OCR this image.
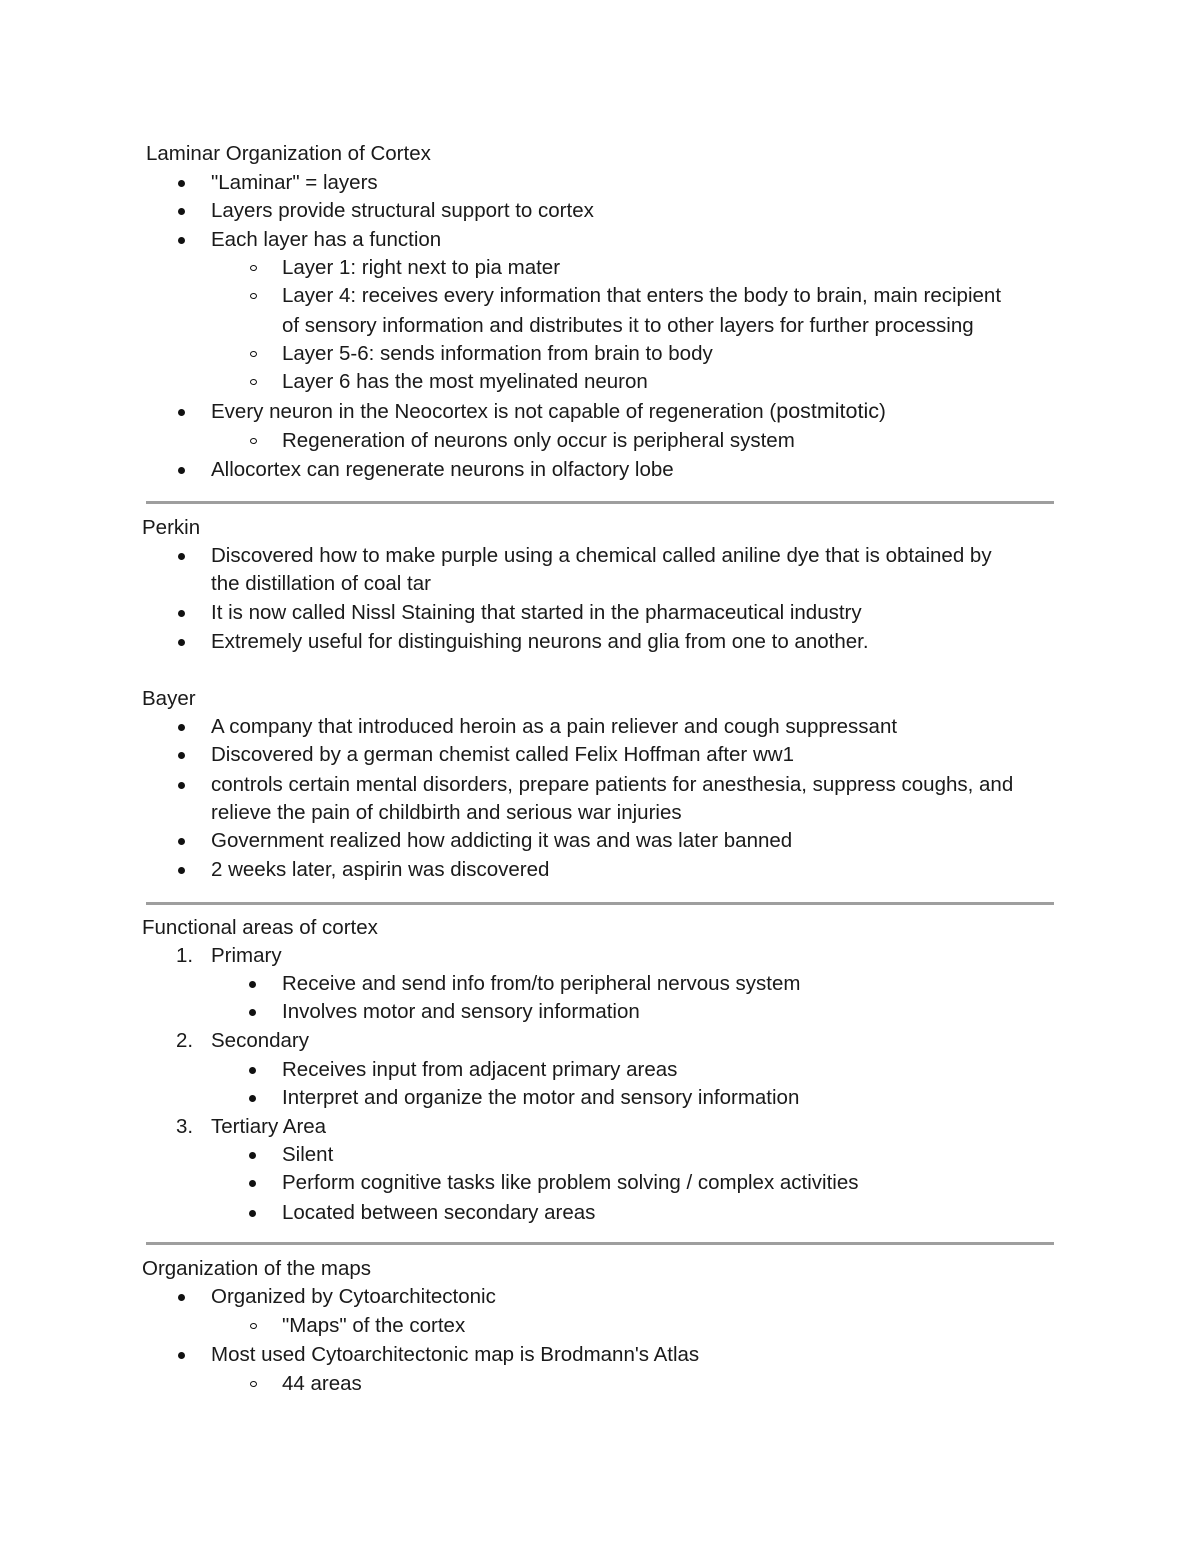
Laminar Organization of Cortex
"Laminar" = layers
Layers provide structural support to cortex
Each layer has a function
Layer 1: right next to pia mater
Layer 4: receives every information that enters the body to brain, main recipient
of sensory information and distributes it to other layers for further processing
Layer 5-6: sends information from brain to body
Layer 6 has the most myelinated neuron
Every neuron in the Neocortex is not capable of regeneration (postmitotic)
Regeneration of neurons only occur is peripheral system
Allocortex can regenerate neurons in olfactory lobe
Perkin
Discovered how to make purple using a chemical called aniline dye that is obtained by
the distillation of coal tar
It is now called Nissl Staining that started in the pharmaceutical industry
Extremely useful for distinguishing neurons and glia from one to another.
Bayer
A company that introduced heroin as a pain reliever and cough suppressant
Discovered by a german chemist called Felix Hoffman after ww1
controls certain mental disorders, prepare patients for anesthesia, suppress coughs, and
relieve the pain of childbirth and serious war injuries
Government realized how addicting it was and was later banned
2 weeks later, aspirin was discovered
Functional areas of cortex
1. Primary
Receive and send info from/to peripheral nervous system
Involves motor and sensory information
2. Secondary
Receives input from adjacent primary areas
Interpret and organize the motor and sensory information
3. Tertiary Area
Silent
Perform cognitive tasks like problem solving / complex activities
Located between secondary areas
Organization of the maps
Organized by Cytoarchitectonic
"Maps" of the cortex
Most used Cytoarchitectonic map is Brodmann's Atlas
44 areas
